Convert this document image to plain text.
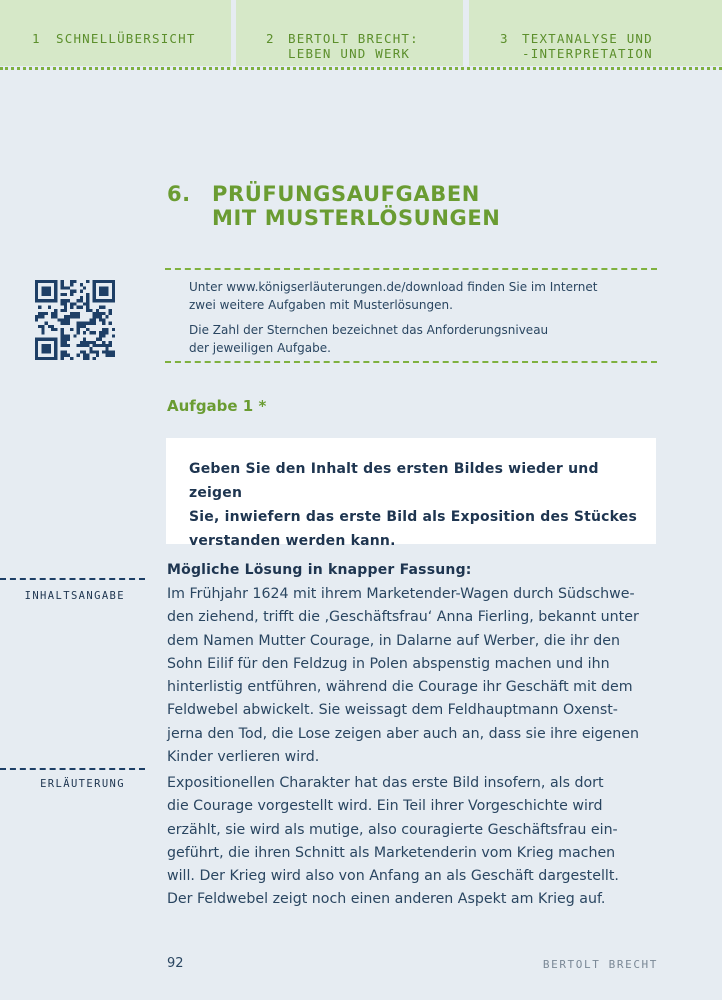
1 SCHNELLÜBERSICHT	2 BERTOLT BRECHT:
LEBEN UND WERK
3 TEXTANALYSE UND
-INTERPRETATION
6. PRÜFUNGSAUFGABEN
MIT MUSTERLÖSUNGEN
Unter www.königserläuterungen.de/download finden Sie im Internet
zwei weitere Aufgaben mit Musterlösungen.
Die Zahl der Sternchen bezeichnet das Anforderungsniveau
der jeweiligen Aufgabe.
Aufgabe 1 *
Geben Sie den Inhalt des ersten Bildes wieder und zeigen
Sie, inwiefern das erste Bild als Exposition des Stückes
verstanden werden kann.
INHALTSANGABE
ERLÄUTERUNG
Mögliche Lösung in knapper Fassung:
Im Frühjahr 1624 mit ihrem Marketender-Wagen durch Südschwe-
den ziehend, trifft die ‚Geschäftsfrau‘ Anna Fierling, bekannt unter
dem Namen Mutter Courage, in Dalarne auf Werber, die ihr den
Sohn Eilif für den Feldzug in Polen abspenstig machen und ihn
hinterlistig entführen, während die Courage ihr Geschäft mit dem
Feldwebel abwickelt. Sie weissagt dem Feldhauptmann Oxenst-
jerna den Tod, die Lose zeigen aber auch an, dass sie ihre eigenen
Kinder verlieren wird.
Expositionellen Charakter hat das erste Bild insofern, als dort
die Courage vorgestellt wird. Ein Teil ihrer Vorgeschichte wird
erzählt, sie wird als mutige, also couragierte Geschäftsfrau ein-
geführt, die ihren Schnitt als Marketenderin vom Krieg machen
will. Der Krieg wird also von Anfang an als Geschäft dargestellt.
Der Feldwebel zeigt noch einen anderen Aspekt am Krieg auf.
92	BERTOLT BRECHT
